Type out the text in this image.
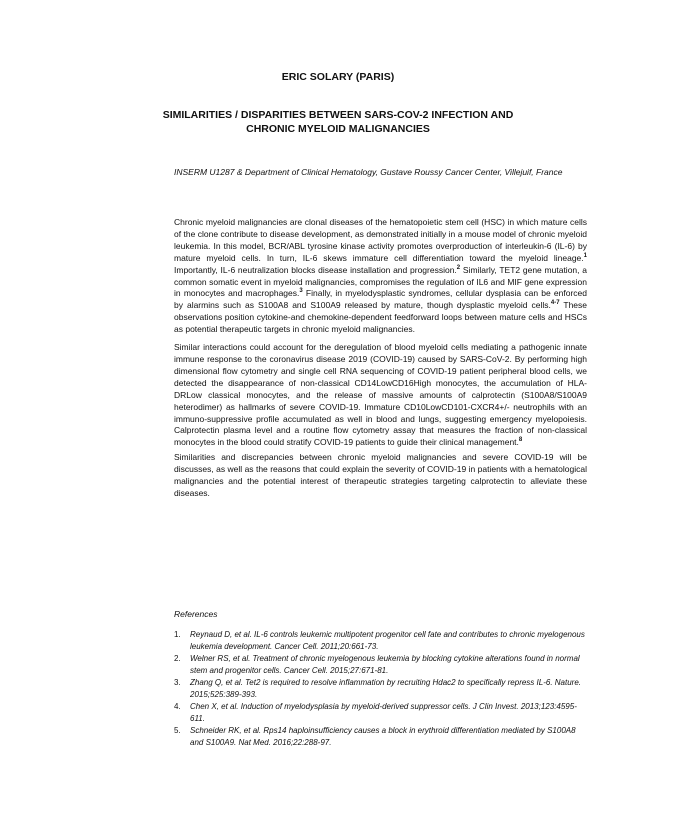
ERIC SOLARY (PARIS)
SIMILARITIES / DISPARITIES BETWEEN SARS-COV-2 INFECTION AND CHRONIC MYELOID MALIGNANCIES
INSERM U1287 & Department of Clinical Hematology, Gustave Roussy Cancer Center, Villejuif, France

Chronic myeloid malignancies are clonal diseases of the hematopoietic stem cell (HSC) in which mature cells of the clone contribute to disease development, as demonstrated initially in a mouse model of chronic myeloid leukemia. In this model, BCR/ABL tyrosine kinase activity promotes overproduction of interleukin-6 (IL-6) by mature myeloid cells. In turn, IL-6 skews immature cell differentiation toward the myeloid lineage.$^1$ Importantly, IL-6 neutralization blocks disease installation and progression.$^2$ Similarly, TET2 gene mutation, a common somatic event in myeloid malignancies, compromises the regulation of IL6 and MIF gene expression in monocytes and macrophages.$^3$ Finally, in myelodysplastic syndromes, cellular dysplasia can be enforced by alarmins such as S100A8 and S100A9 released by mature, though dysplastic myeloid cells.$^{4-7}$ These observations position cytokine-and chemokine-dependent feedforward loops between mature cells and HSCs as potential therapeutic targets in chronic myeloid malignancies.

Similar interactions could account for the deregulation of blood myeloid cells mediating a pathogenic innate immune response to the coronavirus disease 2019 (COVID-19) caused by SARS-CoV-2. By performing high dimensional flow cytometry and single cell RNA sequencing of COVID-19 patient peripheral blood cells, we detected the disappearance of non-classical CD14LowCD16High monocytes, the accumulation of HLA-DRLow classical monocytes, and the release of massive amounts of calprotectin (S100A8/S100A9 heterodimer) as hallmarks of severe COVID-19. Immature CD10LowCD101-CXCR4+/- neutrophils with an immuno-suppressive profile accumulated as well in blood and lungs, suggesting emergency myelopoiesis. Calprotectin plasma level and a routine flow cytometry assay that measures the fraction of non-classical monocytes in the blood could stratify COVID-19 patients to guide their clinical management.$^8$

Similarities and discrepancies between chronic myeloid malignancies and severe COVID-19 will be discusses, as well as the reasons that could explain the severity of COVID-19 in patients with a hematological malignancies and the potential interest of therapeutic strategies targeting calprotectin to alleviate these diseases.

References
1. Reynaud D, et al. IL-6 controls leukemic multipotent progenitor cell fate and contributes to chronic myelogenous leukemia development. Cancer Cell. 2011;20:661-73.
2. Welner RS, et al. Treatment of chronic myelogenous leukemia by blocking cytokine alterations found in normal stem and progenitor cells. Cancer Cell. 2015;27:671-81.
3. Zhang Q, et al. Tet2 is required to resolve inflammation by recruiting Hdac2 to specifically repress IL-6. Nature. 2015;525:389-393.
4. Chen X, et al. Induction of myelodysplasia by myeloid-derived suppressor cells. J Clin Invest. 2013;123:4595-611.
5. Schneider RK, et al. Rps14 haploinsufficiency causes a block in erythroid differentiation mediated by S100A8 and S100A9. Nat Med. 2016;22:288-97.
